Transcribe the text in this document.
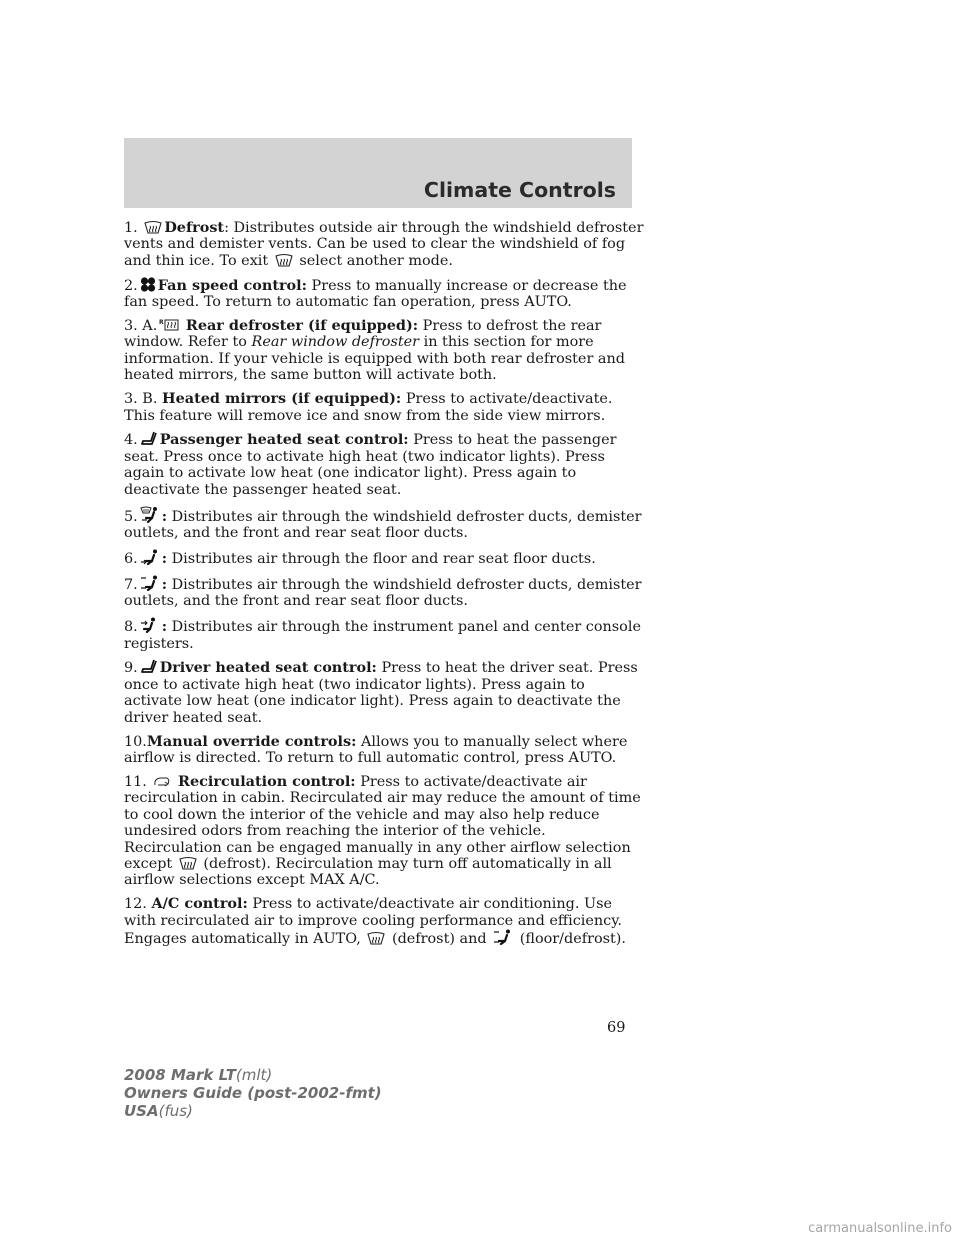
Climate Controls

1. Defrost: Distributes outside air through the windshield defroster vents and demister vents. Can be used to clear the windshield of fog and thin ice. To exit select another mode.

2. Fan speed control: Press to manually increase or decrease the fan speed. To return to automatic fan operation, press AUTO.

3. A. R Rear defroster (if equipped): Press to defrost the rear window. Refer to Rear window defroster in this section for more information. If your vehicle is equipped with both rear defroster and heated mirrors, the same button will activate both.

3. B. Heated mirrors (if equipped): Press to activate/deactivate. This feature will remove ice and snow from the side view mirrors.

4. Passenger heated seat control: Press to heat the passenger seat. Press once to activate high heat (two indicator lights). Press again to activate low heat (one indicator light). Press again to deactivate the passenger heated seat.

5. : Distributes air through the windshield defroster ducts, demister outlets, and the front and rear seat floor ducts.

6. : Distributes air through the floor and rear seat floor ducts.

7. : Distributes air through the windshield defroster ducts, demister outlets, and the front and rear seat floor ducts.

8. : Distributes air through the instrument panel and center console registers.

9. Driver heated seat control: Press to heat the driver seat. Press once to activate high heat (two indicator lights). Press again to activate low heat (one indicator light). Press again to deactivate the driver heated seat.

10.Manual override controls: Allows you to manually select where airflow is directed. To return to full automatic control, press AUTO.

11. Recirculation control: Press to activate/deactivate air recirculation in cabin. Recirculated air may reduce the amount of time to cool down the interior of the vehicle and may also help reduce undesired odors from reaching the interior of the vehicle. Recirculation can be engaged manually in any other airflow selection except (defrost). Recirculation may turn off automatically in all airflow selections except MAX A/C.

12. A/C control: Press to activate/deactivate air conditioning. Use with recirculated air to improve cooling performance and efficiency. Engages automatically in AUTO, (defrost) and (floor/defrost).

69
2008 Mark LT(mlt)
Owners Guide (post-2002-fmt)
USA(fus)
carmanualsonline.info
